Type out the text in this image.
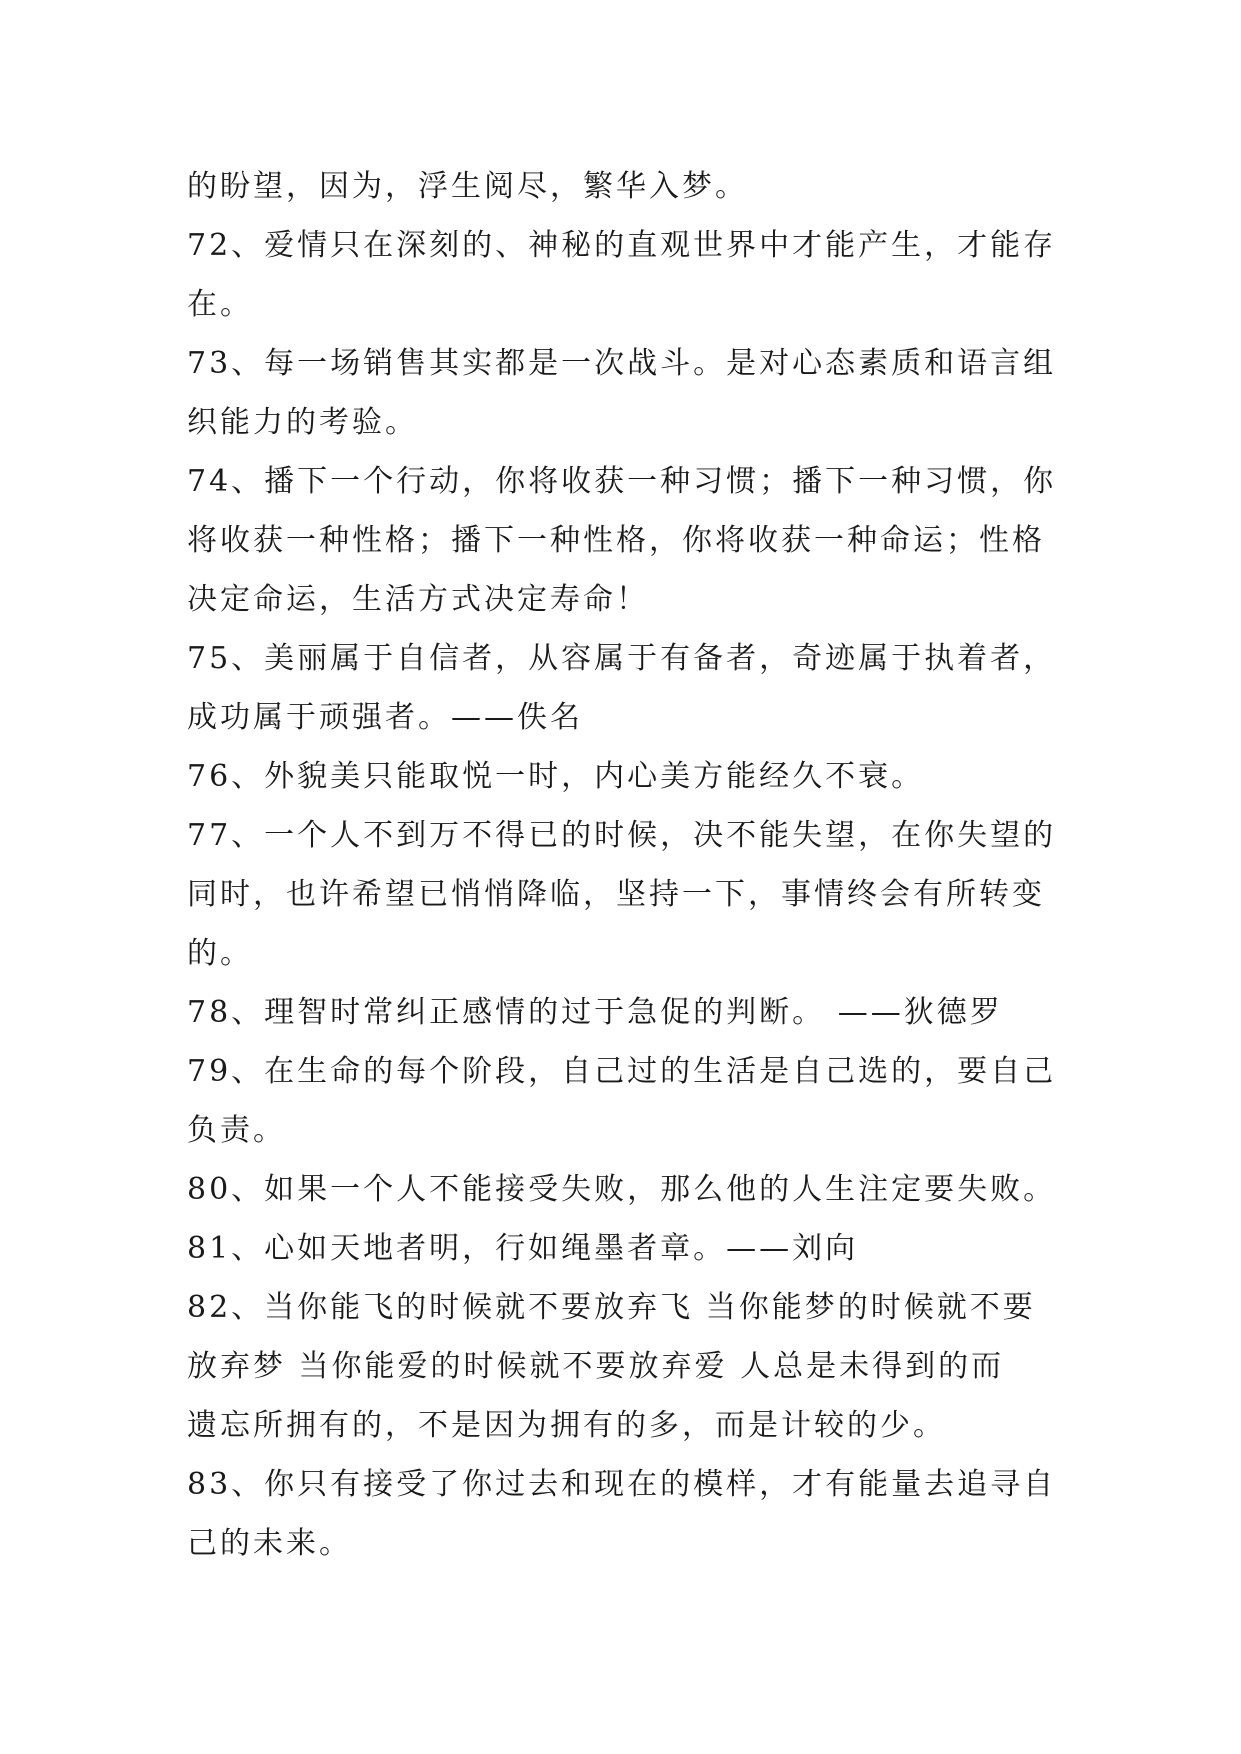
的盼望，因为，浮生阅尽，繁华入梦。
72、爱情只在深刻的、神秘的直观世界中才能产生，才能存
在。
73、每一场销售其实都是一次战斗。是对心态素质和语言组
织能力的考验。
74、播下一个行动，你将收获一种习惯；播下一种习惯，你
将收获一种性格；播下一种性格，你将收获一种命运；性格
决定命运，生活方式决定寿命！
75、美丽属于自信者，从容属于有备者，奇迹属于执着者，
成功属于顽强者。——佚名
76、外貌美只能取悦一时，内心美方能经久不衰。
77、一个人不到万不得已的时候，决不能失望，在你失望的
同时，也许希望已悄悄降临，坚持一下，事情终会有所转变
的。
78、理智时常纠正感情的过于急促的判断。 ——狄德罗
79、在生命的每个阶段，自己过的生活是自己选的，要自己
负责。
80、如果一个人不能接受失败，那么他的人生注定要失败。
81、心如天地者明，行如绳墨者章。——刘向
82、当你能飞的时候就不要放弃飞 当你能梦的时候就不要
放弃梦 当你能爱的时候就不要放弃爱 人总是未得到的而
遗忘所拥有的，不是因为拥有的多，而是计较的少。
83、你只有接受了你过去和现在的模样，才有能量去追寻自
己的未来。
